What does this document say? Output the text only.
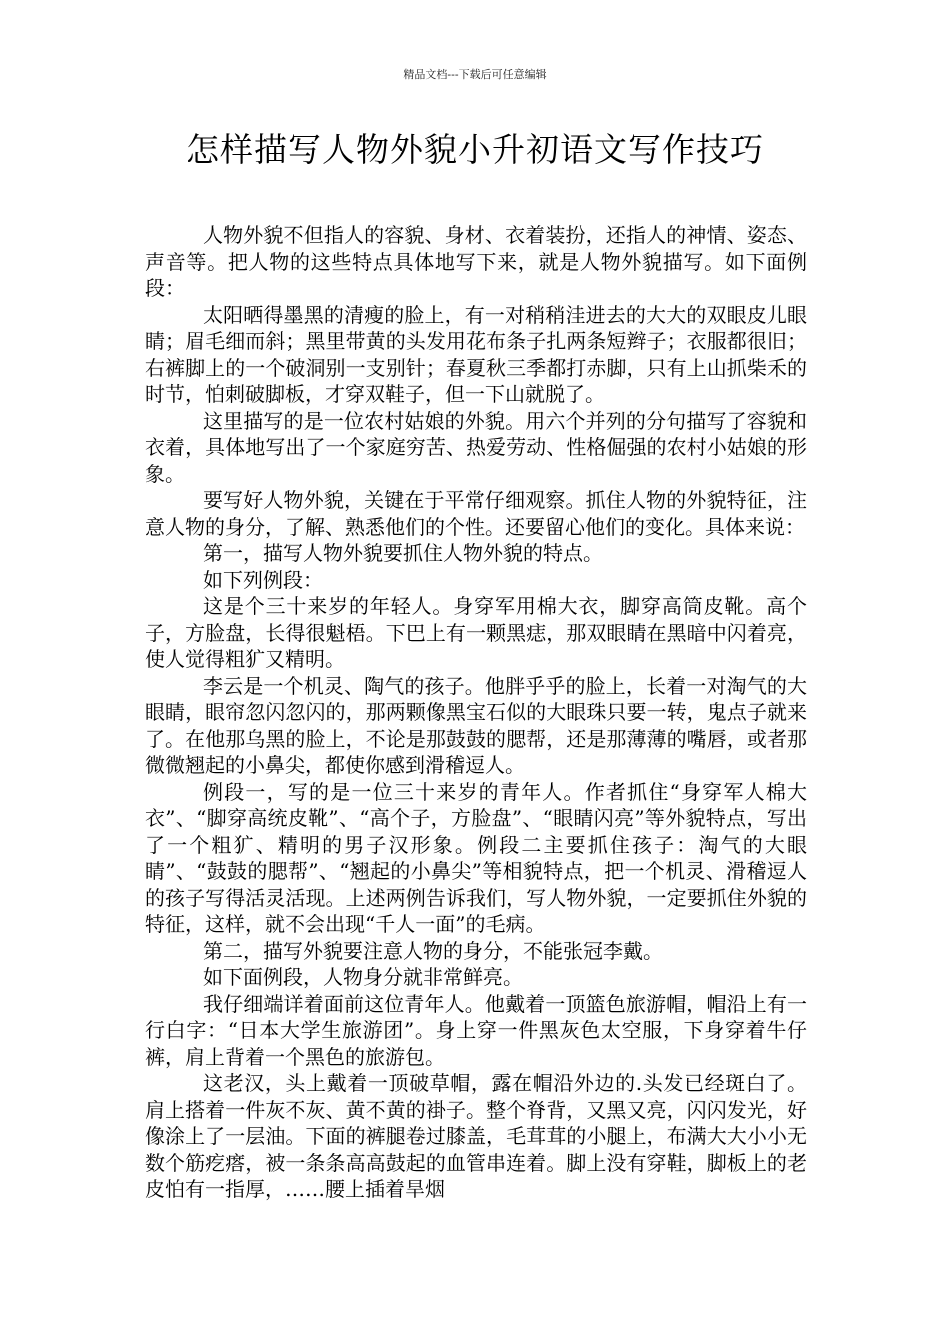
精品文档---下载后可任意编辑
怎样描写人物外貌小升初语文写作技巧

人物外貌不但指人的容貌、身材、衣着装扮，还指人的神情、姿态、声音等。把人物的这些特点具体地写下来，就是人物外貌描写。如下面例段：

太阳晒得墨黑的清瘦的脸上，有一对稍稍洼进去的大大的双眼皮儿眼睛；眉毛细而斜；黑里带黄的头发用花布条子扎两条短辫子；衣服都很旧；右裤脚上的一个破洞别一支别针；春夏秋三季都打赤脚，只有上山抓柴禾的时节，怕刺破脚板，才穿双鞋子，但一下山就脱了。

这里描写的是一位农村姑娘的外貌。用六个并列的分句描写了容貌和衣着，具体地写出了一个家庭穷苦、热爱劳动、性格倔强的农村小姑娘的形象。

要写好人物外貌，关键在于平常仔细观察。抓住人物的外貌特征，注意人物的身分，了解、熟悉他们的个性。还要留心他们的变化。具体来说：

第一，描写人物外貌要抓住人物外貌的特点。

如下列例段：

这是个三十来岁的年轻人。身穿军用棉大衣，脚穿高筒皮靴。高个子，方脸盘，长得很魁梧。下巴上有一颗黑痣，那双眼睛在黑暗中闪着亮，使人觉得粗犷又精明。

李云是一个机灵、陶气的孩子。他胖乎乎的脸上，长着一对淘气的大眼睛，眼帘忽闪忽闪的，那两颗像黑宝石似的大眼珠只要一转，鬼点子就来了。在他那乌黑的脸上，不论是那鼓鼓的腮帮，还是那薄薄的嘴唇，或者那微微翘起的小鼻尖，都使你感到滑稽逗人。

例段一，写的是一位三十来岁的青年人。作者抓住“身穿军人棉大衣”、“脚穿高统皮靴”、“高个子，方脸盘”、“眼睛闪亮”等外貌特点，写出了一个粗犷、精明的男子汉形象。例段二主要抓住孩子：淘气的大眼睛”、“鼓鼓的腮帮”、“翘起的小鼻尖”等相貌特点，把一个机灵、滑稽逗人的孩子写得活灵活现。上述两例告诉我们，写人物外貌，一定要抓住外貌的特征，这样，就不会出现“千人一面”的毛病。

第二，描写外貌要注意人物的身分，不能张冠李戴。

如下面例段，人物身分就非常鲜亮。

我仔细端详着面前这位青年人。他戴着一顶篮色旅游帽，帽沿上有一行白字：“日本大学生旅游团”。身上穿一件黑灰色太空服，下身穿着牛仔裤，肩上背着一个黑色的旅游包。

这老汉，头上戴着一顶破草帽，露在帽沿外边的.头发已经斑白了。肩上搭着一件灰不灰、黄不黄的褂子。整个脊背，又黑又亮，闪闪发光，好像涂上了一层油。下面的裤腿卷过膝盖，毛茸茸的小腿上，布满大大小小无数个筋疙瘩，被一条条高高鼓起的血管串连着。脚上没有穿鞋，脚板上的老皮怕有一指厚，……腰上插着旱烟
